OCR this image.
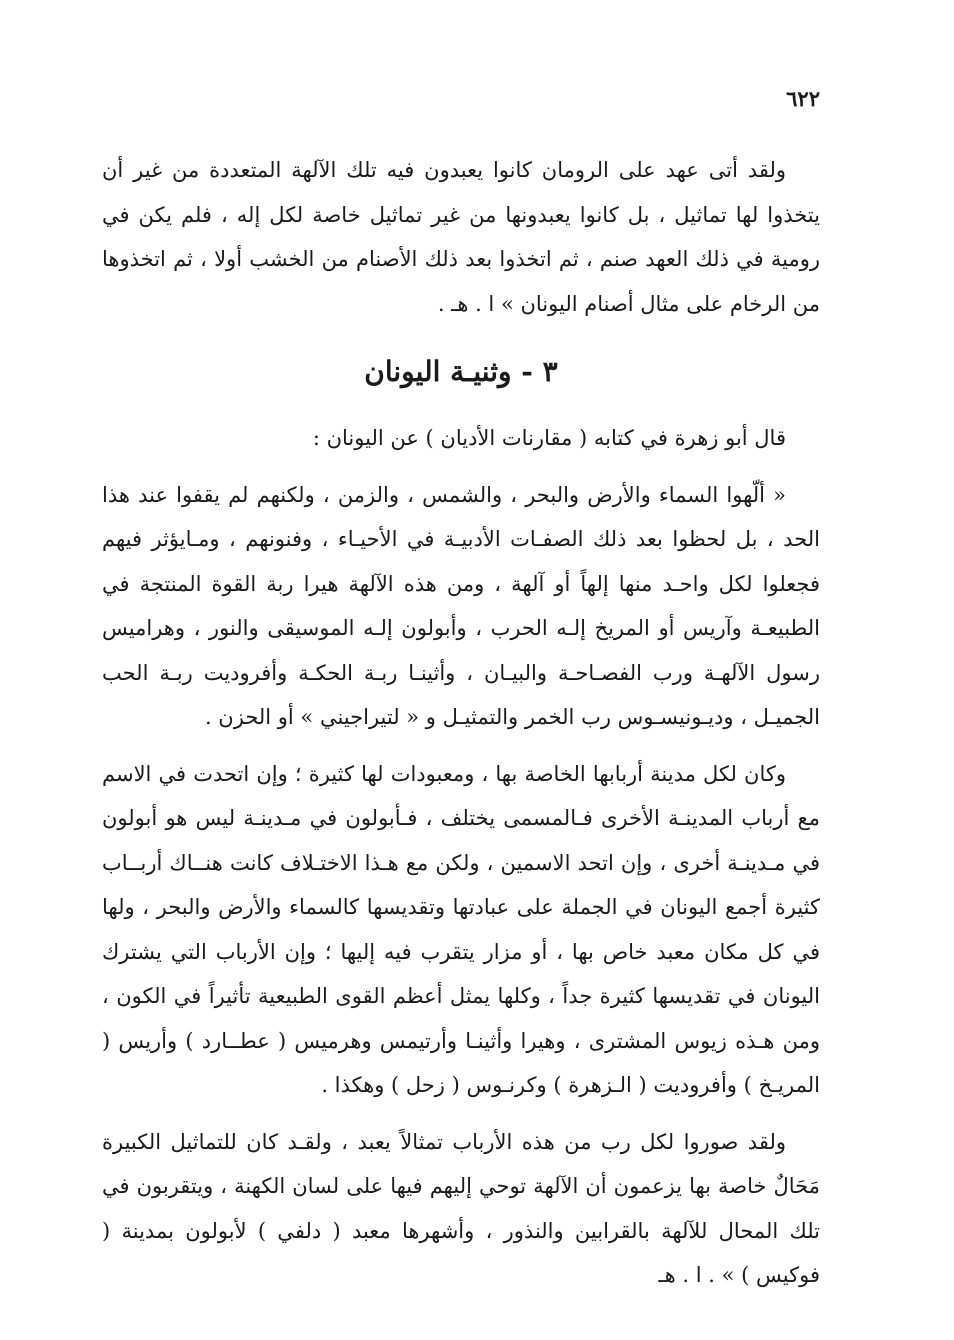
٦٢٢

ولقد أتى عهد على الرومان كانوا يعبدون فيه تلك الآلهة المتعددة من غير أن يتخذوا لها تماثيل ، بل كانوا يعبدونها من غير تماثيل خاصة لكل إله ، فلم يكن في رومية في ذلك العهد صنم ، ثم اتخذوا بعد ذلك الأصنام من الخشب أولا ، ثم اتخذوها من الرخام على مثال أصنام اليونان » ا . هـ .

٣ - وثنيـة اليونان

قال أبو زهرة في كتابه ( مقارنات الأديان ) عن اليونان :

« ألّهوا السماء والأرض والبحر ، والشمس ، والزمن ، ولكنهم لم يقفوا عند هذا الحد ، بل لحظوا بعد ذلك الصفـات الأدبيـة في الأحيـاء ، وفنونهم ، ومـايؤثر فيهم فجعلوا لكل واحـد منها إلهاً أو آلهة ، ومن هذه الآلهة هيرا ربة القوة المنتجة في الطبيعـة وآريس أو المريخ إلـه الحرب ، وأبولون إلـه الموسيقى والنور ، وهراميس رسول الآلهـة ورب الفصـاحـة والبيـان ، وأثينـا ربـة الحكـة وأفروديت ربـة الحب الجميـل ، وديـونيسـوس رب الخمر والتمثيـل و « لتيراجيني » أو الحزن .

وكان لكل مدينة أربابها الخاصة بها ، ومعبودات لها كثيرة ؛ وإن اتحدت في الاسم مع أرباب المدينـة الأخرى فـالمسمى يختلف ، فـأبولون في مـدينـة ليس هو أبولون في مـدينـة أخرى ، وإن اتحد الاسمين ، ولكن مع هـذا الاختـلاف كانت هنــاك أربــاب كثيرة أجمع اليونان في الجملة على عبادتها وتقديسها كالسماء والأرض والبحر ، ولها في كل مكان معبد خاص بها ، أو مزار يتقرب فيه إليها ؛ وإن الأرباب التي يشترك اليونان في تقديسها كثيرة جداً ، وكلها يمثل أعظم القوى الطبيعية تأثيراً في الكون ، ومن هـذه زيوس المشترى ، وهيرا وأثينـا وأرتيمس وهرميس ( عطــارد ) وأريس ( المريـخ ) وأفروديت ( الـزهرة ) وكرنـوس ( زحل ) وهكذا .

ولقد صوروا لكل رب من هذه الأرباب تمثالاً يعبد ، ولقـد كان للتماثيل الكبيرة مَحَالٌ خاصة بها يزعمون أن الآلهة توحي إليهم فيها على لسان الكهنة ، ويتقربون في تلك المحال للآلهة بالقرابين والنذور ، وأشهرها معبد ( دلفي ) لأبولون بمدينة ( فوكيس ) » . ا . هـ
